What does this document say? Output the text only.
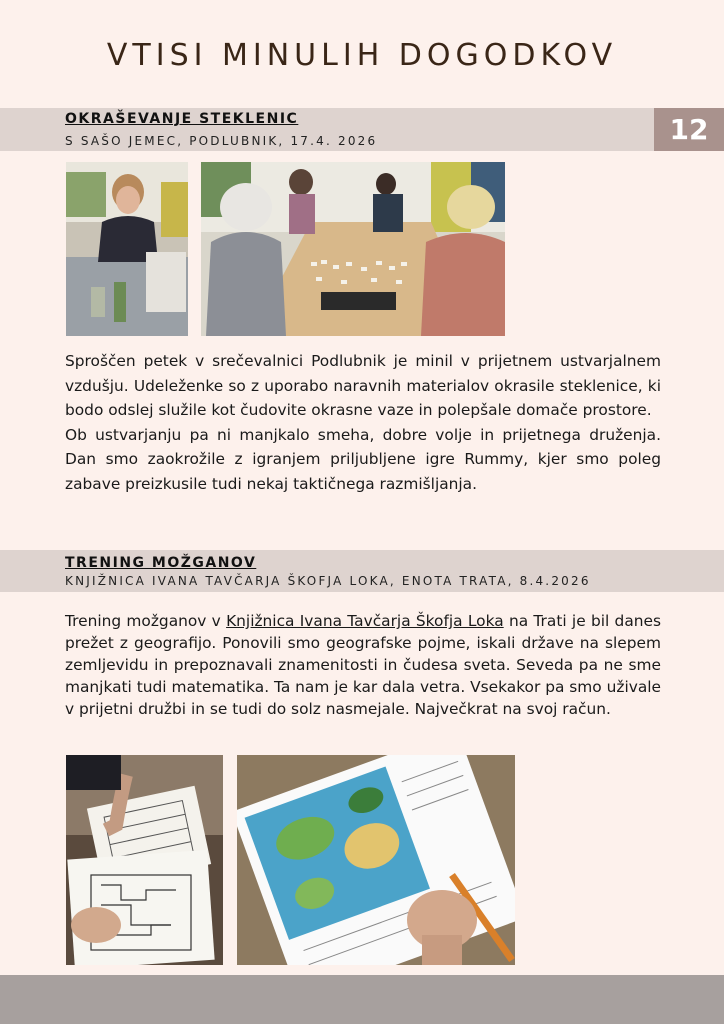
VTISI MINULIH DOGODKOV
12
OKRAŠEVANJE STEKLENIC
S SAŠO JEMEC, PODLUBNIK, 17.4. 2026

Sproščen petek v srečevalnici Podlubnik je minil v prijetnem ustvarjalnem vzdušju. Udeleženke so z uporabo naravnih materialov okrasile steklenice, ki bodo odslej služile kot čudovite okrasne vaze in polepšale domače prostore.

Ob ustvarjanju pa ni manjkalo smeha, dobre volje in prijetnega druženja. Dan smo zaokrožile z igranjem priljubljene igre Rummy, kjer smo poleg zabave preizkusile tudi nekaj taktičnega razmišljanja.

TRENING MOŽGANOV
KNJIŽNICA IVANA TAVČARJA ŠKOFJA LOKA, ENOTA TRATA, 8.4.2026

Trening možganov v Knjižnica Ivana Tavčarja Škofja Loka na Trati je bil danes prežet z geografijo. Ponovili smo geografske pojme, iskali države na slepem zemljevidu in prepoznavali znamenitosti in čudesa sveta. Seveda pa ne sme manjkati tudi matematika. Ta nam je kar dala vetra. Vsekakor pa smo uživale v prijetni družbi in se tudi do solz nasmejale. Največkrat na svoj račun.
